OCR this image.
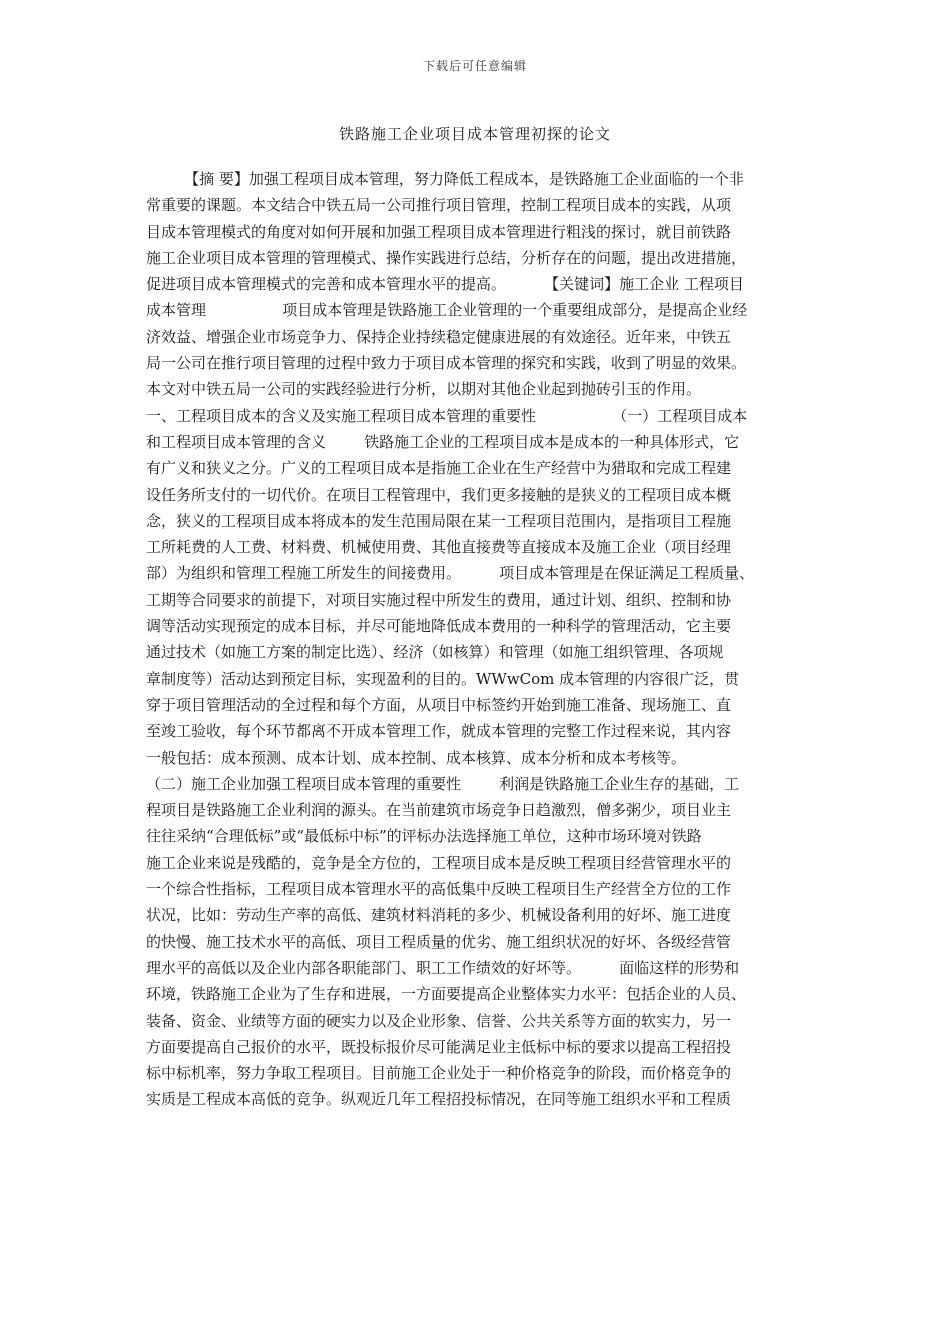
下载后可任意编辑
铁路施工企业项目成本管理初探的论文
【摘 要】加强工程项目成本管理，努力降低工程成本，是铁路施工企业面临的一个非
常重要的课题。本文结合中铁五局一公司推行项目管理，控制工程项目成本的实践，从项
目成本管理模式的角度对如何开展和加强工程项目成本管理进行粗浅的探讨，就目前铁路
施工企业项目成本管理的管理模式、操作实践进行总结，分析存在的问题，提出改进措施，
促进项目成本管理模式的完善和成本管理水平的提高。        【关键词】施工企业 工程项目
成本管理                项目成本管理是铁路施工企业管理的一个重要组成部分，是提高企业经
济效益、增强企业市场竞争力、保持企业持续稳定健康进展的有效途径。近年来，中铁五
局一公司在推行项目管理的过程中致力于项目成本管理的探究和实践，收到了明显的效果。
本文对中铁五局一公司的实践经验进行分析，以期对其他企业起到抛砖引玉的作用。
一、工程项目成本的含义及实施工程项目成本管理的重要性                （一）工程项目成本
和工程项目成本管理的含义        铁路施工企业的工程项目成本是成本的一种具体形式，它
有广义和狭义之分。广义的工程项目成本是指施工企业在生产经营中为猎取和完成工程建
设任务所支付的一切代价。在项目工程管理中，我们更多接触的是狭义的工程项目成本概
念，狭义的工程项目成本将成本的发生范围局限在某一工程项目范围内，是指项目工程施
工所耗费的人工费、材料费、机械使用费、其他直接费等直接成本及施工企业（项目经理
部）为组织和管理工程施工所发生的间接费用。        项目成本管理是在保证满足工程质量、
工期等合同要求的前提下，对项目实施过程中所发生的费用，通过计划、组织、控制和协
调等活动实现预定的成本目标，并尽可能地降低成本费用的一种科学的管理活动，它主要
通过技术（如施工方案的制定比选）、经济（如核算）和管理（如施工组织管理、各项规
章制度等）活动达到预定目标，实现盈利的目的。WWwCom 成本管理的内容很广泛，贯
穿于项目管理活动的全过程和每个方面，从项目中标签约开始到施工准备、现场施工、直
至竣工验收，每个环节都离不开成本管理工作，就成本管理的完整工作过程来说，其内容
一般包括：成本预测、成本计划、成本控制、成本核算、成本分析和成本考核等。
（二）施工企业加强工程项目成本管理的重要性        利润是铁路施工企业生存的基础，工
程项目是铁路施工企业利润的源头。在当前建筑市场竞争日趋激烈，僧多粥少，项目业主
往往采纳“合理低标”或“最低标中标”的评标办法选择施工单位，这种市场环境对铁路
施工企业来说是残酷的，竞争是全方位的，工程项目成本是反映工程项目经营管理水平的
一个综合性指标，工程项目成本管理水平的高低集中反映工程项目生产经营全方位的工作
状况，比如：劳动生产率的高低、建筑材料消耗的多少、机械设备利用的好坏、施工进度
的快慢、施工技术水平的高低、项目工程质量的优劣、施工组织状况的好坏、各级经营管
理水平的高低以及企业内部各职能部门、职工工作绩效的好坏等。        面临这样的形势和
环境，铁路施工企业为了生存和进展，一方面要提高企业整体实力水平：包括企业的人员、
装备、资金、业绩等方面的硬实力以及企业形象、信誉、公共关系等方面的软实力，另一
方面要提高自己报价的水平，既投标报价尽可能满足业主低标中标的要求以提高工程招投
标中标机率，努力争取工程项目。目前施工企业处于一种价格竞争的阶段，而价格竞争的
实质是工程成本高低的竞争。纵观近几年工程招投标情况，在同等施工组织水平和工程质
